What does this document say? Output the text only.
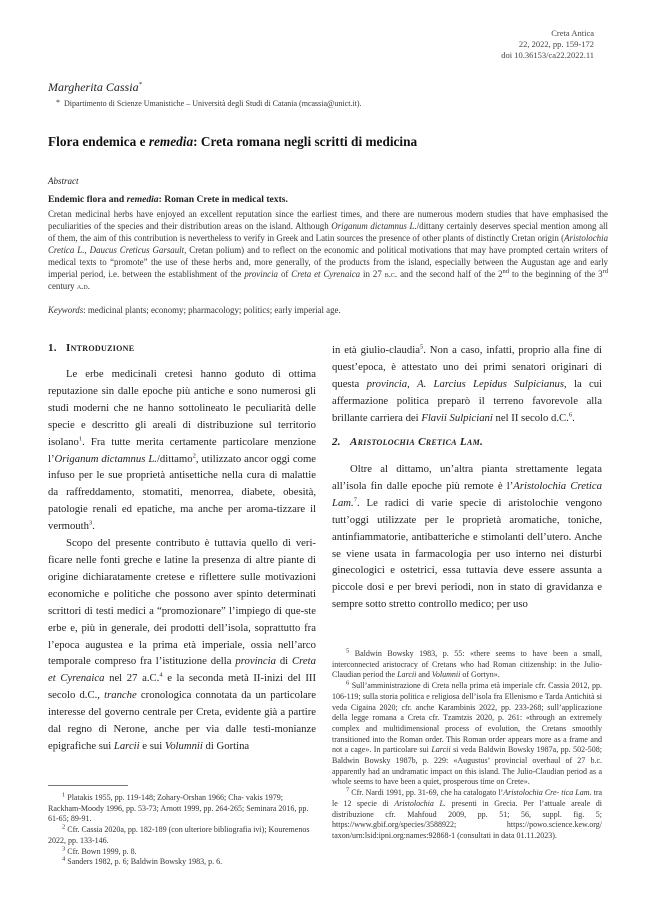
Creta Antica
22, 2022, pp. 159-172
doi 10.36153/ca22.2022.11
Margherita Cassia*
* Dipartimento di Scienze Umanistiche – Università degli Studi di Catania (mcassia@unict.it).
Flora endemica e remedia: Creta romana negli scritti di medicina
Abstract
Endemic flora and remedia: Roman Crete in medical texts.
Cretan medicinal herbs have enjoyed an excellent reputation since the earliest times, and there are numerous modern studies that have emphasised the peculiarities of the species and their distribution areas on the island. Although Origanum dictamnus L./dittany certainly deserves special mention among all of them, the aim of this contribution is nevertheless to verify in Greek and Latin sources the presence of other plants of distinctly Cretan origin (Aristolochia Cretica L., Daucus Creticus Garsault, Cretan polium) and to reflect on the economic and political motivations that may have prompted certain writers of medical texts to “promote” the use of these herbs and, more generally, of the products from the island, especially between the Augustan age and early imperial period, i.e. between the establishment of the provincia of Creta et Cyrenaica in 27 b.c. and the second half of the 2nd to the beginning of the 3rd century a.d.
Keywords: medicinal plants; economy; pharmacology; politics; early imperial age.
1. Introduzione

Le erbe medicinali cretesi hanno goduto di ottima reputazione sin dalle epoche più antiche e sono numerosi gli studi moderni che ne hanno sottolineato le peculiarità delle specie e descritto gli areali di distribuzione sul territorio isolano$^1$. Fra tutte merita certamente particolare menzione l’Origanum dictamnus L./dittamo$^2$, utilizzato ancor oggi come infuso per le sue proprietà antisettiche nella cura di malattie da raffreddamento, stomatiti, menorrea, diabete, obesità, patologie renali ed epatiche, ma anche per aroma-tizzare il vermouth$^3$.

Scopo del presente contributo è tuttavia quello di veri-ficare nelle fonti greche e latine la presenza di altre piante di origine dichiaratamente cretese e riflettere sulle motivazioni economiche e politiche che possono aver spinto determinati scrittori di testi medici a “promozionare” l’impiego di que-ste erbe e, più in generale, dei prodotti dell’isola, soprattutto fra l’epoca augustea e la prima età imperiale, ossia nell’arco temporale compreso fra l’istituzione della provincia di Creta et Cyrenaica nel 27 a.C.$^4$ e la seconda metà II-inizi del III secolo d.C., tranche cronologica connotata da un particolare interesse del governo centrale per Creta, evidente già a partire dal regno di Nerone, anche per via dalle testi-monianze epigrafiche sui Larcii e sui Volumnii di Gortina

in età giulio-claudia$^5$. Non a caso, infatti, proprio alla fine di quest’epoca, è attestato uno dei primi senatori originari di questa provincia, A. Larcius Lepidus Sulpicianus, la cui affermazione politica preparò il terreno favorevole alla brillante carriera dei Flavii Sulpiciani nel II secolo d.C.$^6$.
2. Aristolochia Cretica Lam.

Oltre al dittamo, un’altra pianta strettamente legata all’isola fin dalle epoche più remote è l’Aristolochia Cretica Lam.$^7$. Le radici di varie specie di aristolochie vengono tutt’oggi utilizzate per le proprietà aromatiche, toniche, antinfiammatorie, antibatteriche e stimolanti dell’utero. Anche se viene usata in farmacologia per uso interno nei disturbi ginecologici e ostetrici, essa tuttavia deve essere assunta a piccole dosi e per brevi periodi, non in stato di gravidanza e sempre sotto stretto controllo medico; per uso

$^1$ Platakis 1955, pp. 119-148; Zohary-Orshan 1966; Cha- vakis 1979; Rackham-Moody 1996, pp. 53-73; Arnott 1999, pp. 264-265; Seminara 2016, pp. 61-65; 89-91.
$^2$ Cfr. Cassia 2020a, pp. 182-189 (con ulteriore bibliografia ivi); Kouremenos 2022, pp. 133-146.
$^3$ Cfr. Bown 1999, p. 8.
$^4$ Sanders 1982, p. 6; Baldwin Bowsky 1983, p. 6.
$^5$ Baldwin Bowsky 1983, p. 55: «there seems to have been a small, interconnected aristocracy of Cretans who had Roman citizenship: in the Julio-Claudian period the Larcii and Volumnii of Gortyn».
$^6$ Sull’amministrazione di Creta nella prima età imperiale cfr. Cassia 2012, pp. 106-119; sulla storia politica e religiosa dell’isola fra Ellenismo e Tarda Antichità si veda Cigaina 2020; cfr. anche Karambinis 2022, pp. 233-268; sull’applicazione della legge romana a Creta cfr. Tzamtzis 2020, p. 261: «through an extremely complex and multidimensional process of evolution, the Cretans smoothly transitioned into the Roman order. This Roman order appears more as a frame and not a cage». In particolare sui Larcii si veda Baldwin Bowsky 1987a, pp. 502-508; Baldwin Bowsky 1987b, p. 229: «Augustus’ provincial overhaul of 27 b.c. apparently had an undramatic impact on this island. The Julio-Claudian period as a whole seems to have been a quiet, prosperous time on Crete».
$^7$ Cfr. Nardi 1991, pp. 31-69, che ha catalogato l’Aristolochia Cre- tica Lam. tra le 12 specie di Aristolochia L. presenti in Grecia. Per l’attuale areale di distribuzione cfr. Mahfoud 2009, pp. 51; 56, suppl. fig. 5; https://www.gbif.org/species/3588922; https://powo.science.kew.org/ taxon/urn:lsid:ipni.org:names:92868-1 (consultati in data 01.11.2023).
